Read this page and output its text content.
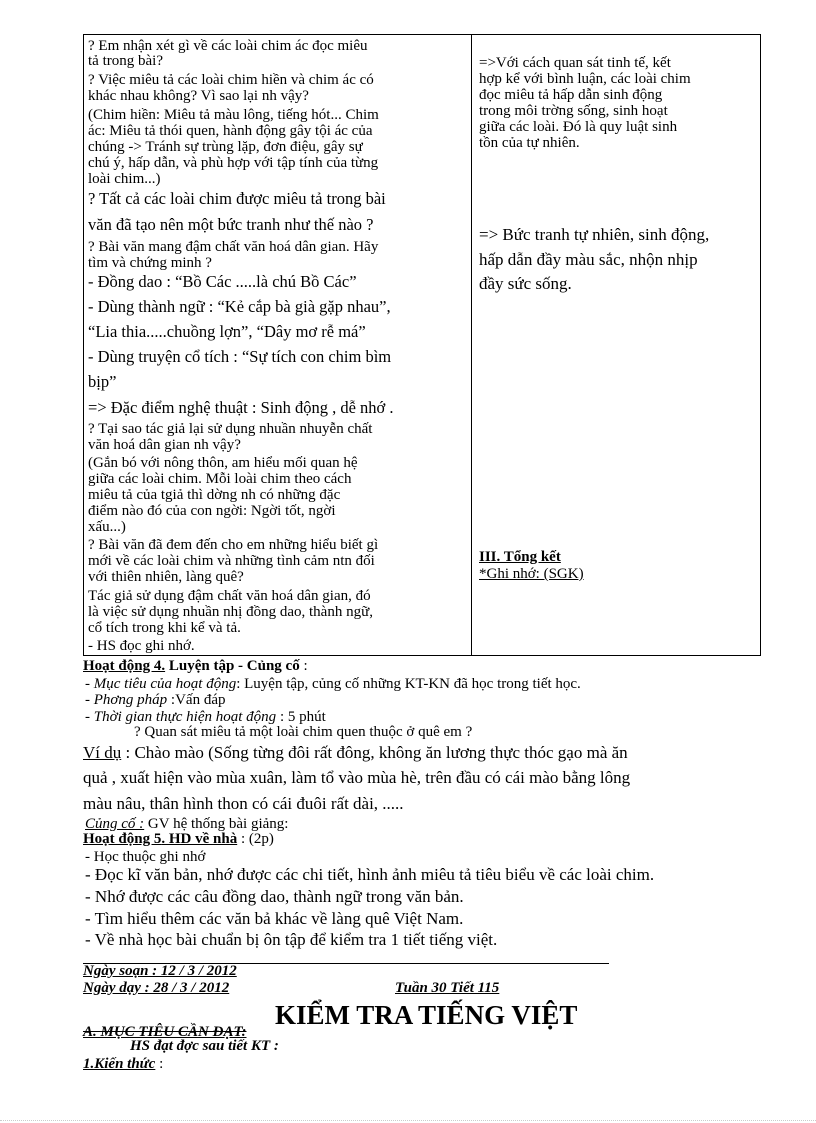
? Em nhận xét gì về các loài chim ác đọc miêu
tả trong bài?
? Việc miêu tả các loài chim hiền và chim ác có
khác nhau không? Vì sao lại nh vậy?
(Chim hiền: Miêu tả màu lông, tiếng hót... Chim
ác: Miêu tả thói quen, hành động gây tội ác của
chúng -> Tránh sự trùng lặp, đơn điệu, gây sự
chú ý, hấp dẫn, và phù hợp với tập tính của từng
loài chim...)
? Tất cả các loài chim được miêu tả trong bài
văn đã tạo nên một bức tranh như thế nào ?
? Bài văn mang đậm chất văn hoá dân gian. Hãy
tìm và chứng minh ?
- Đồng dao : “Bồ Các .....là chú Bồ Các”
- Dùng thành ngữ : “Kẻ cắp bà già gặp nhau”,
“Lia thia.....chuồng lợn”, “Dây mơ rễ má”
- Dùng truyện cổ tích : “Sự tích con chim bìm
bịp”
=> Đặc điểm nghệ thuật : Sinh động , dễ nhớ .
? Tại sao tác giả lại sử dụng nhuần nhuyễn chất
văn hoá dân gian nh vậy?
(Gắn bó với nông thôn, am hiểu mối quan hệ
giữa các loài chim. Mỗi loài chim theo cách
miêu tả của tgiả thì dờng nh có những đặc
điểm nào đó của con ngời: Ngời tốt, ngời
xấu...)
? Bài văn đã đem đến cho em những hiểu biết gì
mới về các loài chim và những tình cảm ntn đối
với thiên nhiên, làng quê?
Tác giả sử dụng đậm chất văn hoá dân gian, đó
là việc sử dụng nhuần nhị đồng dao, thành ngữ,
cổ tích trong khi kể và tả.
- HS đọc ghi nhớ.

=>Với cách quan sát tinh tế, kết
hợp kể với bình luận, các loài chim
đọc miêu tả hấp dẫn sinh động
trong môi trờng sống, sinh hoạt
giữa các loài. Đó là quy luật sinh
tồn của tự nhiên.
=> Bức tranh tự nhiên, sinh động,
hấp dẫn đầy màu sắc, nhộn nhịp
đầy sức sống.
III. Tổng kết
*Ghi nhớ: (SGK)
Hoạt động 4. Luyện tập - Củng cố :
- Mục tiêu của hoạt động: Luyện tập, củng cố những KT-KN đã học trong tiết học.
- Phơng pháp :Vấn đáp
- Thời gian thực hiện hoạt động : 5 phút
? Quan sát miêu tả một loài chim quen thuộc ở quê em ?
Ví dụ : Chào mào (Sống từng đôi rất đông, không ăn lương thực thóc gạo mà ăn
quả , xuất hiện vào mùa xuân, làm tổ vào mùa hè, trên đầu có cái mào bằng lông
màu nâu, thân hình thon có cái đuôi rất dài, .....
Củng cố : GV hệ thống bài giảng:
Hoạt động 5. HD về nhà : (2p)
- Học thuộc ghi nhớ
- Đọc kĩ văn bản, nhớ được các chi tiết, hình ảnh miêu tả tiêu biểu về các loài chim.
- Nhớ được các câu đồng dao, thành ngữ trong văn bản.
- Tìm hiểu thêm các văn bả khác về làng quê Việt Nam.
- Về nhà học bài chuẩn bị ôn tập để kiểm tra 1 tiết tiếng việt.
Ngày soạn : 12 / 3 / 2012
Ngày dạy : 28 / 3 / 2012	Tuần 30 Tiết 115
KIỂM TRA TIẾNG VIỆT
A. MỤC TIÊU CẦN ĐẠT:
HS đạt đợc sau tiết KT :
1.Kiến thức :
